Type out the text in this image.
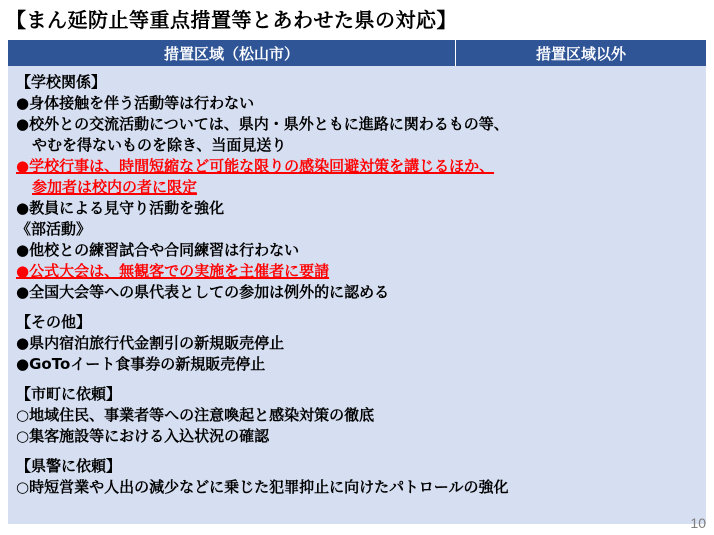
【まん延防止等重点措置等とあわせた県の対応】
措置区域（松山市）	措置区域以外
【学校関係】
●身体接触を伴う活動等は行わない
●校外との交流活動については、県内・県外ともに進路に関わるもの等、
やむを得ないものを除き、当面見送り
●学校行事は、時間短縮など可能な限りの感染回避対策を講じるほか、
参加者は校内の者に限定
●教員による見守り活動を強化
《部活動》
●他校との練習試合や合同練習は行わない
●公式大会は、無観客での実施を主催者に要請
●全国大会等への県代表としての参加は例外的に認める
【その他】
●県内宿泊旅行代金割引の新規販売停止
●GoToイート食事券の新規販売停止
【市町に依頼】
○地域住民、事業者等への注意喚起と感染対策の徹底
○集客施設等における入込状況の確認
【県警に依頼】
○時短営業や人出の減少などに乗じた犯罪抑止に向けたパトロールの強化
10
